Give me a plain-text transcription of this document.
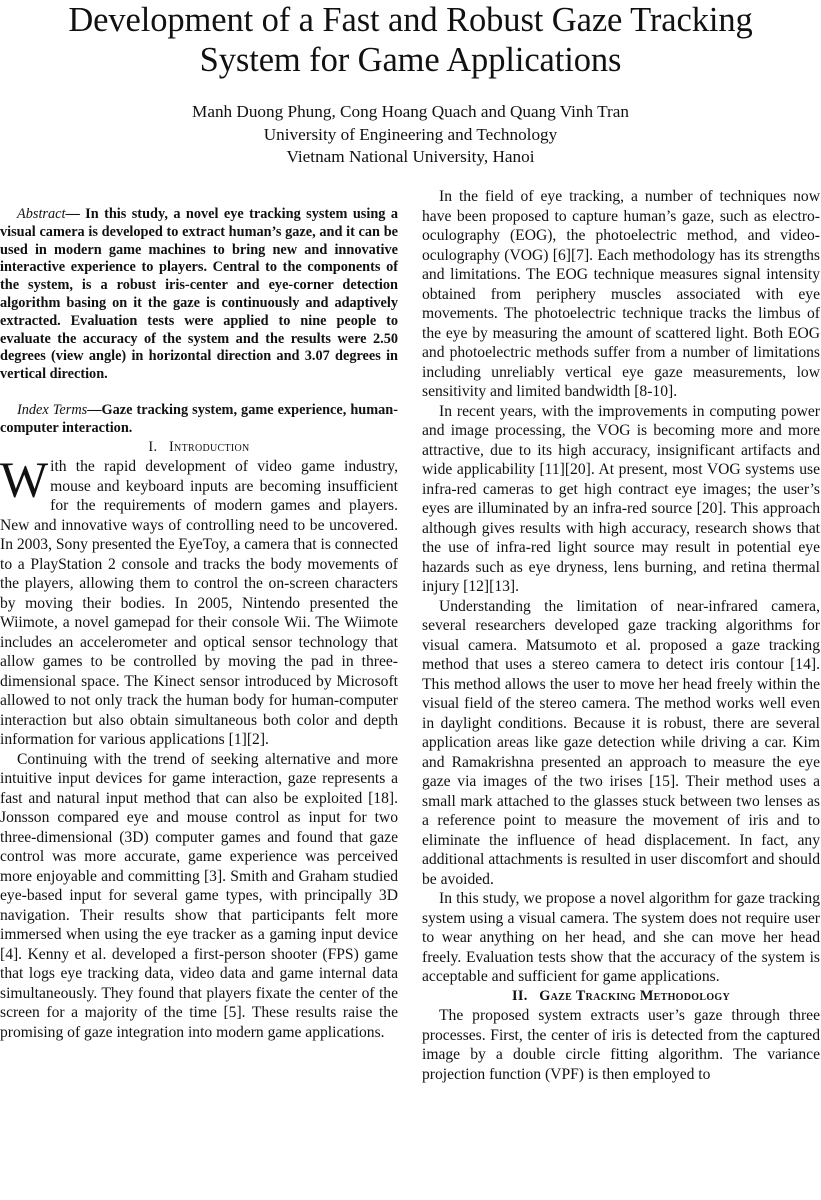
Development of a Fast and Robust Gaze Tracking
System for Game Applications
Manh Duong Phung, Cong Hoang Quach and Quang Vinh Tran
University of Engineering and Technology
Vietnam National University, Hanoi

Abstract— In this study, a novel eye tracking system using a visual camera is developed to extract human’s gaze, and it can be used in modern game machines to bring new and innovative interactive experience to players. Central to the components of the system, is a robust iris-center and eye-corner detection algorithm basing on it the gaze is continuously and adaptively extracted. Evaluation tests were applied to nine people to evaluate the accuracy of the system and the results were 2.50 degrees (view angle) in horizontal direction and 3.07 degrees in vertical direction.

Index Terms—Gaze tracking system, game experience, human-computer interaction.

I. Introduction

With the rapid development of video game industry, mouse and keyboard inputs are becoming insufficient for the requirements of modern games and players. New and innovative ways of controlling need to be uncovered. In 2003, Sony presented the EyeToy, a camera that is connected to a PlayStation 2 console and tracks the body movements of the players, allowing them to control the on-screen characters by moving their bodies. In 2005, Nintendo presented the Wiimote, a novel gamepad for their console Wii. The Wiimote includes an accelerometer and optical sensor technology that allow games to be controlled by moving the pad in three-dimensional space. The Kinect sensor introduced by Microsoft allowed to not only track the human body for human-computer interaction but also obtain simultaneous both color and depth information for various applications [1][2].

Continuing with the trend of seeking alternative and more intuitive input devices for game interaction, gaze represents a fast and natural input method that can also be exploited [18]. Jonsson compared eye and mouse control as input for two three-dimensional (3D) computer games and found that gaze control was more accurate, game experience was perceived more enjoyable and committing [3]. Smith and Graham studied eye-based input for several game types, with principally 3D navigation. Their results show that participants felt more immersed when using the eye tracker as a gaming input device [4]. Kenny et al. developed a first-person shooter (FPS) game that logs eye tracking data, video data and game internal data simultaneously. They found that players fixate the center of the screen for a majority of the time [5]. These results raise the promising of gaze integration into modern game applications.

In the field of eye tracking, a number of techniques now have been proposed to capture human’s gaze, such as electro-oculography (EOG), the photoelectric method, and video-oculography (VOG) [6][7]. Each methodology has its strengths and limitations. The EOG technique measures signal intensity obtained from periphery muscles associated with eye movements. The photoelectric technique tracks the limbus of the eye by measuring the amount of scattered light. Both EOG and photoelectric methods suffer from a number of limitations including unreliably vertical eye gaze measurements, low sensitivity and limited bandwidth [8-10].

In recent years, with the improvements in computing power and image processing, the VOG is becoming more and more attractive, due to its high accuracy, insignificant artifacts and wide applicability [11][20]. At present, most VOG systems use infra-red cameras to get high contract eye images; the user’s eyes are illuminated by an infra-red source [20]. This approach although gives results with high accuracy, research shows that the use of infra-red light source may result in potential eye hazards such as eye dryness, lens burning, and retina thermal injury [12][13].

Understanding the limitation of near-infrared camera, several researchers developed gaze tracking algorithms for visual camera. Matsumoto et al. proposed a gaze tracking method that uses a stereo camera to detect iris contour [14]. This method allows the user to move her head freely within the visual field of the stereo camera. The method works well even in daylight conditions. Because it is robust, there are several application areas like gaze detection while driving a car. Kim and Ramakrishna presented an approach to measure the eye gaze via images of the two irises [15]. Their method uses a small mark attached to the glasses stuck between two lenses as a reference point to measure the movement of iris and to eliminate the influence of head displacement. In fact, any additional attachments is resulted in user discomfort and should be avoided.

In this study, we propose a novel algorithm for gaze tracking system using a visual camera. The system does not require user to wear anything on her head, and she can move her head freely. Evaluation tests show that the accuracy of the system is acceptable and sufficient for game applications.

II. Gaze Tracking Methodology

The proposed system extracts user’s gaze through three processes. First, the center of iris is detected from the captured image by a double circle fitting algorithm. The variance projection function (VPF) is then employed to
